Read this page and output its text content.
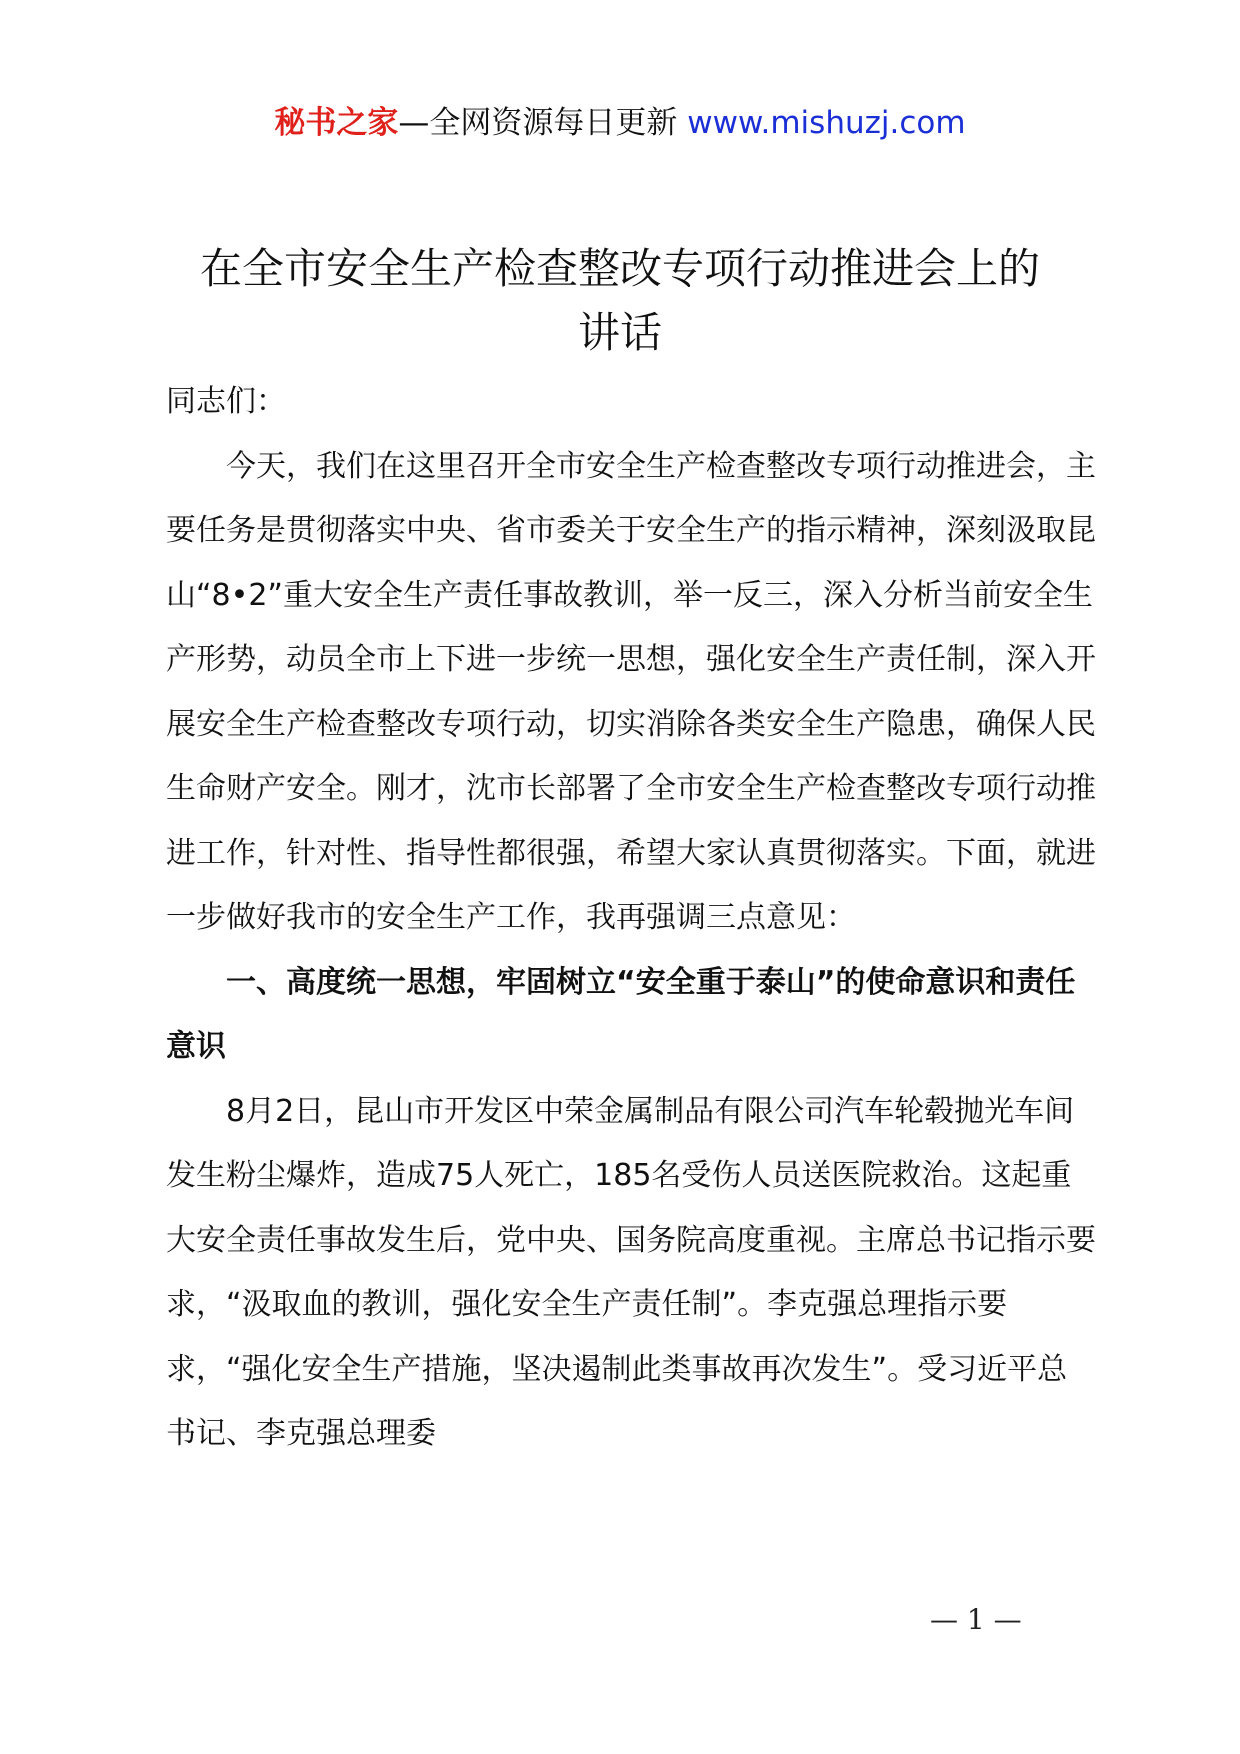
秘书之家—全网资源每日更新 www.mishuzj.com
在全市安全生产检查整改专项行动推进会上的
讲话

同志们：

今天，我们在这里召开全市安全生产检查整改专项行动推进会，主要任务是贯彻落实中央、省市委关于安全生产的指示精神，深刻汲取昆山“8•2”重大安全生产责任事故教训，举一反三，深入分析当前安全生产形势，动员全市上下进一步统一思想，强化安全生产责任制，深入开展安全生产检查整改专项行动，切实消除各类安全生产隐患，确保人民生命财产安全。刚才，沈市长部署了全市安全生产检查整改专项行动推进工作，针对性、指导性都很强，希望大家认真贯彻落实。下面，就进一步做好我市的安全生产工作，我再强调三点意见：

一、高度统一思想，牢固树立“安全重于泰山”的使命意识和责任意识

8月2日，昆山市开发区中荣金属制品有限公司汽车轮毂抛光车间发生粉尘爆炸，造成75人死亡，185名受伤人员送医院救治。这起重大安全责任事故发生后，党中央、国务院高度重视。主席总书记指示要求，“汲取血的教训，强化安全生产责任制”。李克强总理指示要求，“强化安全生产措施，坚决遏制此类事故再次发生”。受习近平总书记、李克强总理委

— 1 —
